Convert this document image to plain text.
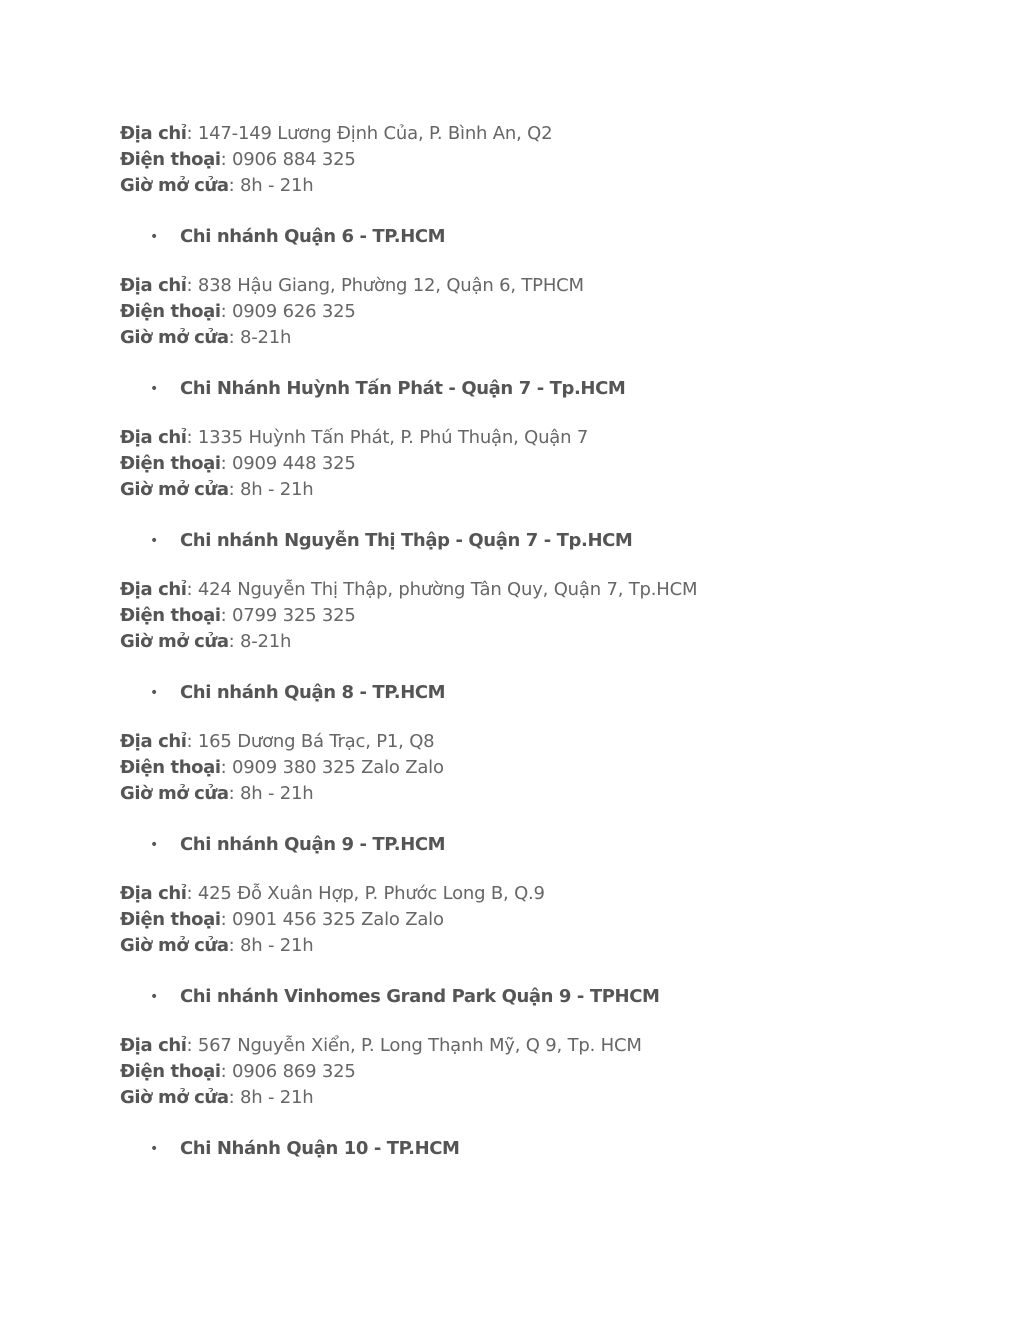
Địa chỉ: 147-149 Lương Định Của, P. Bình An, Q2
Điện thoại: 0906 884 325
Giờ mở cửa: 8h - 21h
• Chi nhánh Quận 6 - TP.HCM
Địa chỉ: 838 Hậu Giang, Phường 12, Quận 6, TPHCM
Điện thoại: 0909 626 325
Giờ mở cửa: 8-21h
• Chi Nhánh Huỳnh Tấn Phát - Quận 7 - Tp.HCM
Địa chỉ: 1335 Huỳnh Tấn Phát, P. Phú Thuận, Quận 7
Điện thoại: 0909 448 325
Giờ mở cửa: 8h - 21h
• Chi nhánh Nguyễn Thị Thập - Quận 7 - Tp.HCM
Địa chỉ: 424 Nguyễn Thị Thập, phường Tân Quy, Quận 7, Tp.HCM
Điện thoại: 0799 325 325
Giờ mở cửa: 8-21h
• Chi nhánh Quận 8 - TP.HCM
Địa chỉ: 165 Dương Bá Trạc, P1, Q8
Điện thoại: 0909 380 325 Zalo Zalo
Giờ mở cửa: 8h - 21h
• Chi nhánh Quận 9 - TP.HCM
Địa chỉ: 425 Đỗ Xuân Hợp, P. Phước Long B, Q.9
Điện thoại: 0901 456 325 Zalo Zalo
Giờ mở cửa: 8h - 21h
• Chi nhánh Vinhomes Grand Park Quận 9 - TPHCM
Địa chỉ: 567 Nguyễn Xiển, P. Long Thạnh Mỹ, Q 9, Tp. HCM
Điện thoại: 0906 869 325
Giờ mở cửa: 8h - 21h
• Chi Nhánh Quận 10 - TP.HCM
